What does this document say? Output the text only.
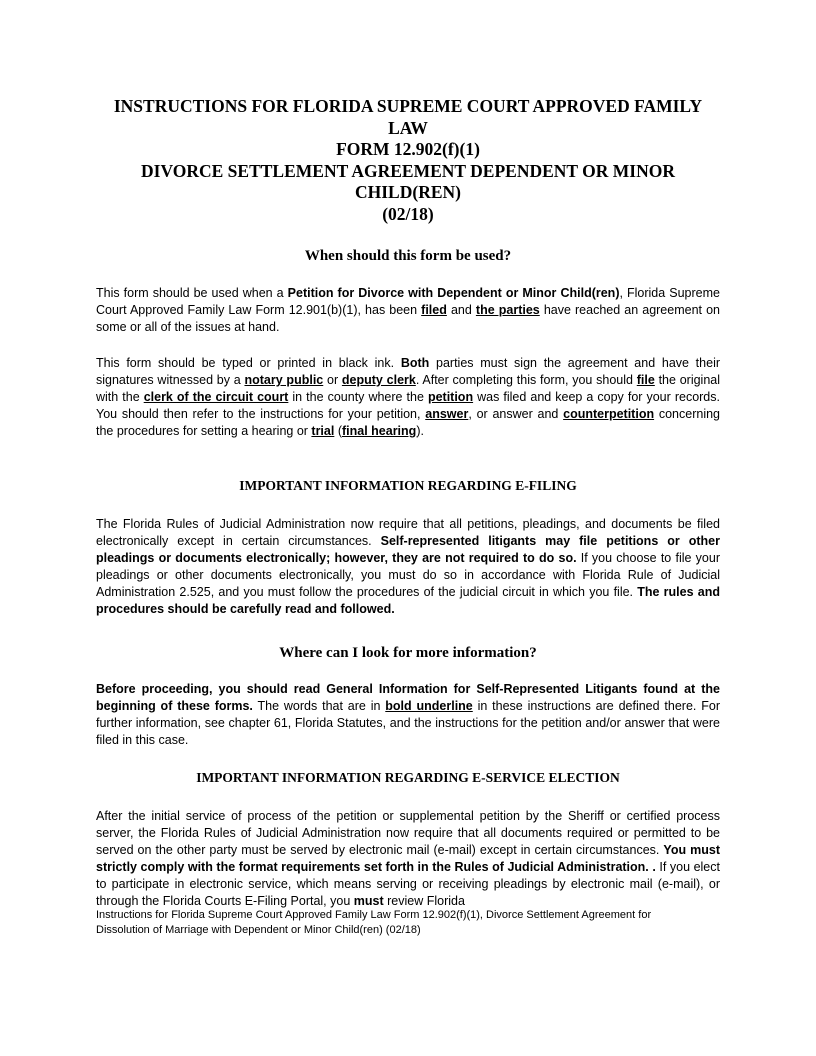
INSTRUCTIONS FOR FLORIDA SUPREME COURT APPROVED FAMILY LAW
FORM 12.902(f)(1)
DIVORCE SETTLEMENT AGREEMENT DEPENDENT OR MINOR CHILD(REN)
(02/18)
When should this form be used?

This form should be used when a Petition for Divorce with Dependent or Minor Child(ren), Florida Supreme Court Approved Family Law Form 12.901(b)(1), has been filed and the parties have reached an agreement on some or all of the issues at hand.

This form should be typed or printed in black ink. Both parties must sign the agreement and have their signatures witnessed by a notary public or deputy clerk. After completing this form, you should file the original with the clerk of the circuit court in the county where the petition was filed and keep a copy for your records. You should then refer to the instructions for your petition, answer, or answer and counterpetition concerning the procedures for setting a hearing or trial (final hearing).

IMPORTANT INFORMATION REGARDING E-FILING

The Florida Rules of Judicial Administration now require that all petitions, pleadings, and documents be filed electronically except in certain circumstances. Self-represented litigants may file petitions or other pleadings or documents electronically; however, they are not required to do so. If you choose to file your pleadings or other documents electronically, you must do so in accordance with Florida Rule of Judicial Administration 2.525, and you must follow the procedures of the judicial circuit in which you file. The rules and procedures should be carefully read and followed.

Where can I look for more information?

Before proceeding, you should read General Information for Self-Represented Litigants found at the beginning of these forms. The words that are in bold underline in these instructions are defined there. For further information, see chapter 61, Florida Statutes, and the instructions for the petition and/or answer that were filed in this case.

IMPORTANT INFORMATION REGARDING E-SERVICE ELECTION

After the initial service of process of the petition or supplemental petition by the Sheriff or certified process server, the Florida Rules of Judicial Administration now require that all documents required or permitted to be served on the other party must be served by electronic mail (e-mail) except in certain circumstances. You must strictly comply with the format requirements set forth in the Rules of Judicial Administration. . If you elect to participate in electronic service, which means serving or receiving pleadings by electronic mail (e-mail), or through the Florida Courts E-Filing Portal, you must review Florida

Instructions for Florida Supreme Court Approved Family Law Form 12.902(f)(1), Divorce Settlement Agreement for
Dissolution of Marriage with Dependent or Minor Child(ren) (02/18)
